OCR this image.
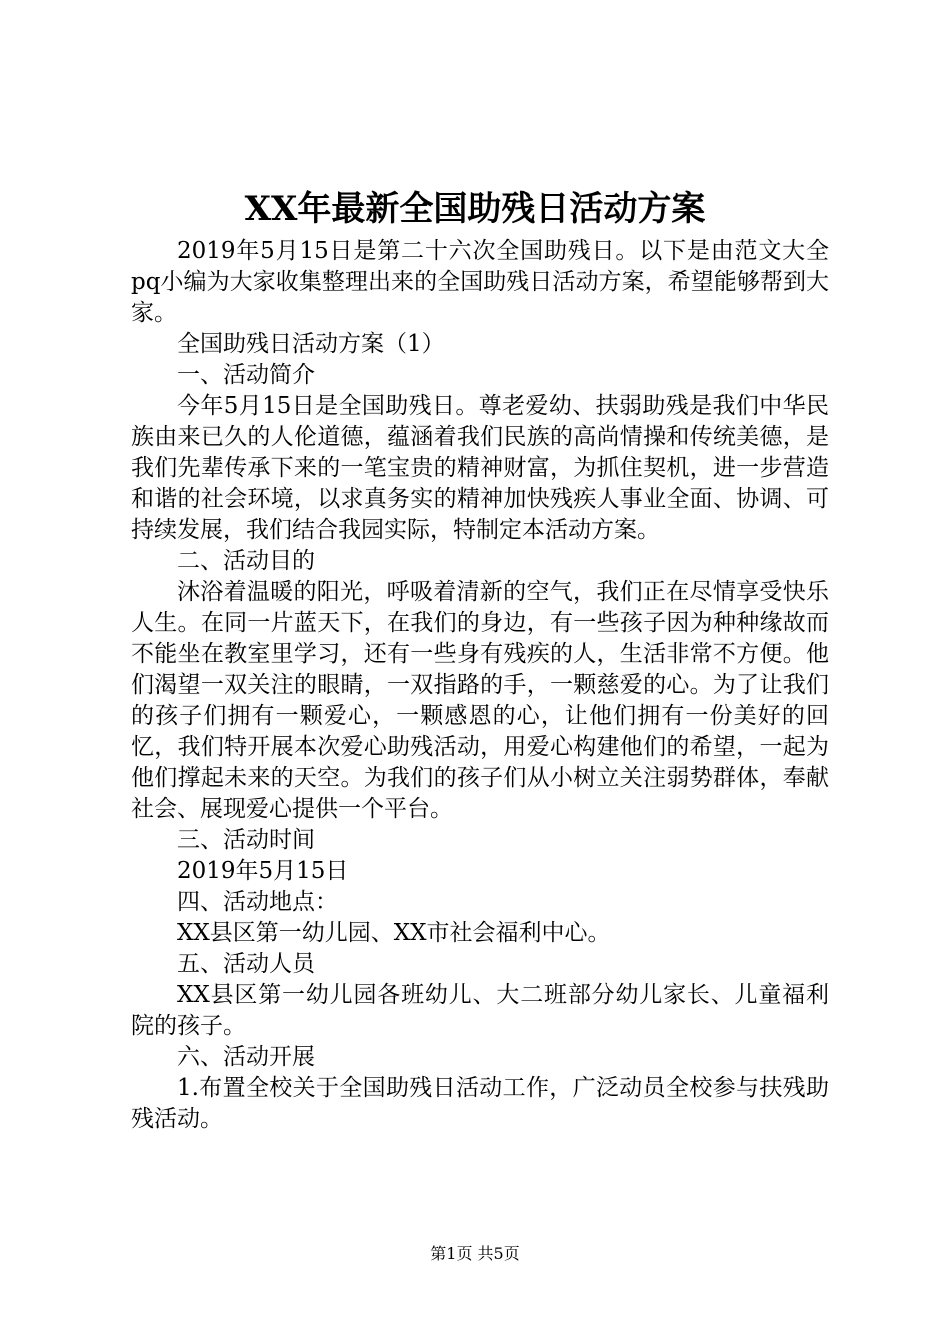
XX年最新全国助残日活动方案

2019年5月15日是第二十六次全国助残日。以下是由范文大全pq小编为大家收集整理出来的全国助残日活动方案，希望能够帮到大家。

全国助残日活动方案（1）

一、活动简介

今年5月15日是全国助残日。尊老爱幼、扶弱助残是我们中华民族由来已久的人伦道德，蕴涵着我们民族的高尚情操和传统美德，是我们先辈传承下来的一笔宝贵的精神财富，为抓住契机，进一步营造和谐的社会环境，以求真务实的精神加快残疾人事业全面、协调、可持续发展，我们结合我园实际，特制定本活动方案。

二、活动目的

沐浴着温暖的阳光，呼吸着清新的空气，我们正在尽情享受快乐人生。在同一片蓝天下，在我们的身边，有一些孩子因为种种缘故而不能坐在教室里学习，还有一些身有残疾的人，生活非常不方便。他们渴望一双关注的眼睛，一双指路的手，一颗慈爱的心。为了让我们的孩子们拥有一颗爱心，一颗感恩的心，让他们拥有一份美好的回忆，我们特开展本次爱心助残活动，用爱心构建他们的希望，一起为他们撑起未来的天空。为我们的孩子们从小树立关注弱势群体，奉献社会、展现爱心提供一个平台。

三、活动时间

2019年5月15日

四、活动地点：

XX县区第一幼儿园、XX市社会福利中心。

五、活动人员

XX县区第一幼儿园各班幼儿、大二班部分幼儿家长、儿童福利院的孩子。

六、活动开展

1.布置全校关于全国助残日活动工作，广泛动员全校参与扶残助残活动。

第1页 共5页
